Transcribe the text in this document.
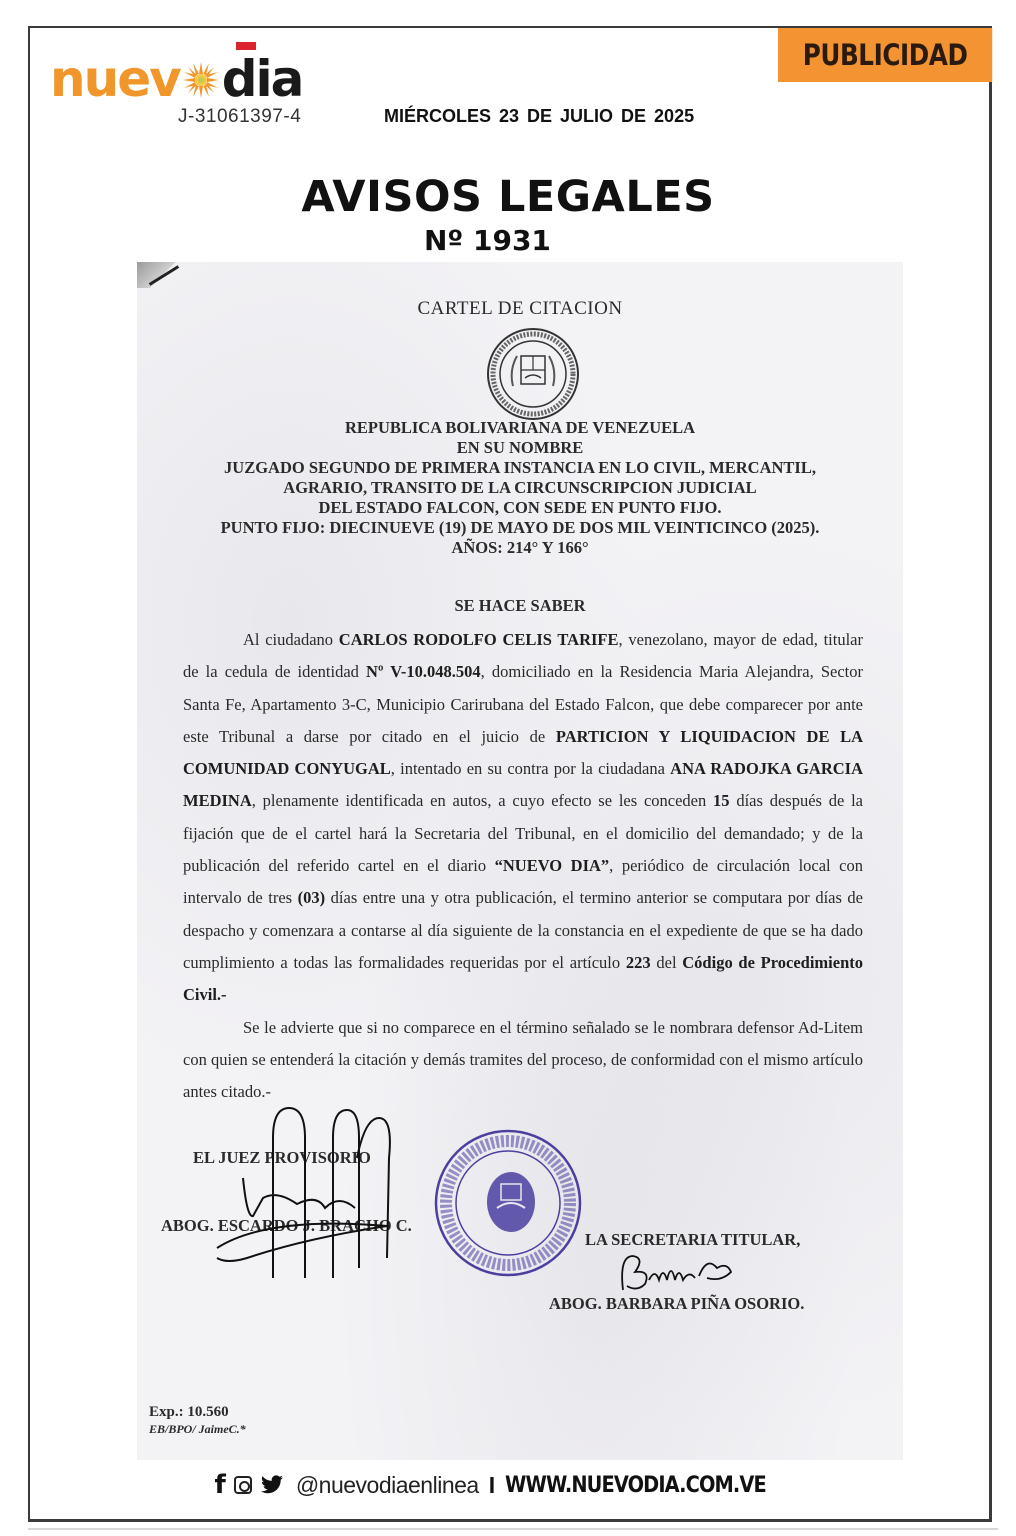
nuev dia
J-31061397-4	MIÉRCOLES 23 DE JULIO DE 2025
PUBLICIDAD
AVISOS LEGALES
Nº 1931
CARTEL DE CITACION
REPUBLICA BOLIVARIANA DE VENEZUELA
EN SU NOMBRE
JUZGADO SEGUNDO DE PRIMERA INSTANCIA EN LO CIVIL, MERCANTIL,
AGRARIO, TRANSITO DE LA CIRCUNSCRIPCION JUDICIAL
DEL ESTADO FALCON, CON SEDE EN PUNTO FIJO.
PUNTO FIJO: DIECINUEVE (19) DE MAYO DE DOS MIL VEINTICINCO (2025).
AÑOS: 214° Y 166°
SE HACE SABER

Al ciudadano CARLOS RODOLFO CELIS TARIFE, venezolano, mayor de edad, titular de la cedula de identidad Nº V-10.048.504, domiciliado en la Residencia Maria Alejandra, Sector Santa Fe, Apartamento 3-C, Municipio Carirubana del Estado Falcon, que debe comparecer por ante este Tribunal a darse por citado en el juicio de PARTICION Y LIQUIDACION DE LA COMUNIDAD CONYUGAL, intentado en su contra por la ciudadana ANA RADOJKA GARCIA MEDINA, plenamente identificada en autos, a cuyo efecto se les conceden 15 días después de la fijación que de el cartel hará la Secretaria del Tribunal, en el domicilio del demandado; y de la publicación del referido cartel en el diario “NUEVO DIA”, periódico de circulación local con intervalo de tres (03) días entre una y otra publicación, el termino anterior se computara por días de despacho y comenzara a contarse al día siguiente de la constancia en el expediente de que se ha dado cumplimiento a todas las formalidades requeridas por el artículo 223 del Código de Procedimiento Civil.-

Se le advierte que si no comparece en el término señalado se le nombrara defensor Ad-Litem con quien se entenderá la citación y demás tramites del proceso, de conformidad con el mismo artículo antes citado.-

EL JUEZ PROVISORIO
ABOG. ESCARDO J. BRACHO C.
LA SECRETARIA TITULAR,
ABOG. BARBARA PIÑA OSORIO.
Exp.: 10.560
EB/BPO/ JaimeC.*
f	@nuevodiaenlinea I WWW.NUEVODIA.COM.VE
